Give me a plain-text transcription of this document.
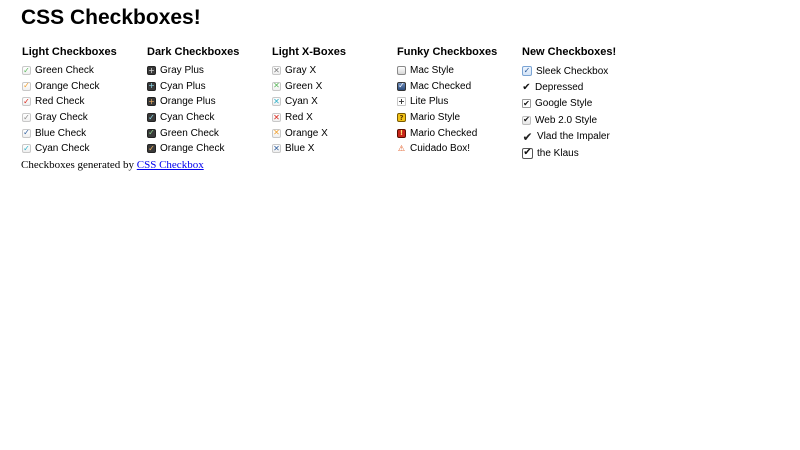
CSS Checkboxes!
Light Checkboxes
✓ Green Check
✓ Orange Check
✓ Red Check
✓ Gray Check
✓ Blue Check
✓ Cyan Check
Dark Checkboxes
+ Gray Plus
+ Cyan Plus
+ Orange Plus
✓ Cyan Check
✓ Green Check
✓ Orange Check
Light X-Boxes
✕ Gray X
✕ Green X
✕ Cyan X
✕ Red X
✕ Orange X
✕ Blue X
Funky Checkboxes
Mac Style
✓ Mac Checked
+ Lite Plus
? Mario Style
! Mario Checked
⚠ Cuidado Box!
New Checkboxes!
✓ Sleek Checkbox
✔ Depressed
✔ Google Style
✔ Web 2.0 Style
✔ Vlad the Impaler
✔ the Klaus
Checkboxes generated by CSS Checkbox
